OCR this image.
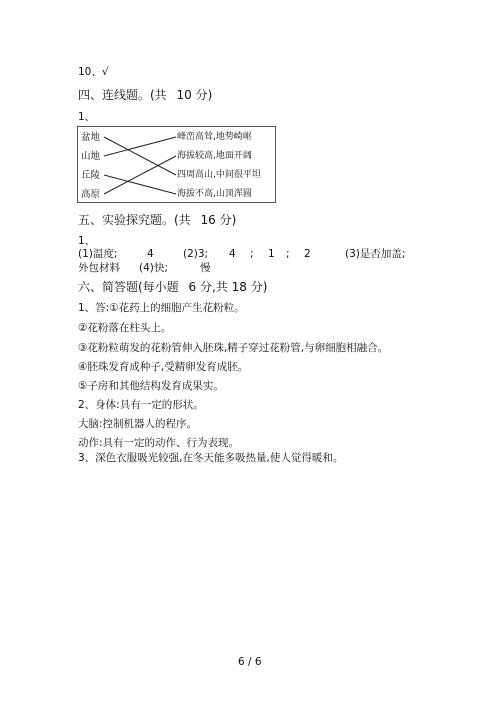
10、√
四、连线题。(共 10 分)
1、
盆地
山地
丘陵
高原
峰峦高耸,地势崎岖
海拔较高,地面开阔
四周高山,中间很平坦
海拔不高,山顶浑圆
五、实验探究题。(共 16 分)
1、
(1)温度;	4	(2)3; 4 ; 1 ; 2	(3)是否加盖;
外包材料 (4)快;	慢
六、简答题(每小题 6 分,共 18 分)
1、答:①花药上的细胞产生花粉粒。
②花粉落在柱头上。
③花粉粒萌发的花粉管伸入胚珠,精子穿过花粉管,与卵细胞相融合。
④胚珠发育成种子,受精卵发育成胚。
⑤子房和其他结构发育成果实。
2、身体:具有一定的形状。
大脑:控制机器人的程序。
动作:具有一定的动作、行为表现。
3、深色衣服吸光较强,在冬天能多吸热量,使人觉得暖和。
6 / 6
